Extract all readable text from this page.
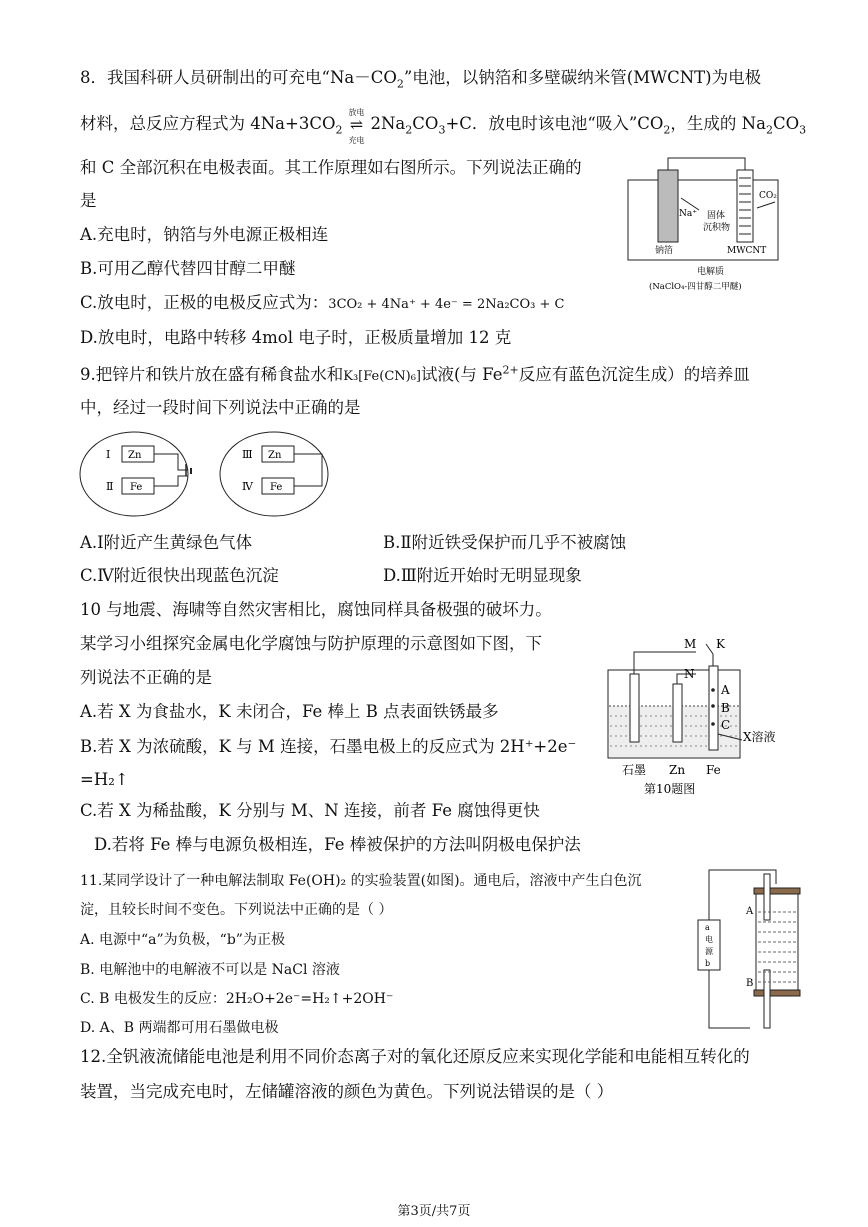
8．我国科研人员研制出的可充电“$Na-CO_2$”电池，以钠箔和多壁碳纳米管(MWCNT)为电极
材料，总反应方程式为 $4Na+3CO_2$
放电
⇌
充电
$2Na_2CO_3+C$．放电时该电池“吸入$”CO_2$，生成的 $Na_2CO_3$
和 C 全部沉积在电极表面。其工作原理如右图所示。下列说法正确的
是
A.充电时，钠箔与外电源正极相连
B.可用乙醇代替四甘醇二甲醚
C.放电时，正极的电极反应式为：3CO₂ + 4Na⁺ + 4e⁻ = 2Na₂CO₃ + C
D.放电时，电路中转移 4mol 电子时，正极质量增加 12 克
Na⁺
CO₂
固体
沉积物
钠箔	MWCNT
电解质
(NaClO₄-四甘醇二甲醚)
9.把锌片和铁片放在盛有稀食盐水和K₃[Fe(CN)₆]试液(与 $Fe^{2+}$反应有蓝色沉淀生成）的培养皿
中，经过一段时间下列说法中正确的是
Zn
Fe
Zn
Fe
Ⅰ
Ⅱ
Ⅲ
Ⅳ
A.Ⅰ附近产生黄绿色气体	B.Ⅱ附近铁受保护而几乎不被腐蚀
C.Ⅳ附近很快出现蓝色沉淀	D.Ⅲ附近开始时无明显现象
10 与地震、海啸等自然灾害相比，腐蚀同样具备极强的破坏力。
某学习小组探究金属电化学腐蚀与防护原理的示意图如下图，下
列说法不正确的是
A.若 X 为食盐水，K 未闭合，Fe 棒上 B 点表面铁锈最多
B.若 X 为浓硫酸，K 与 M 连接，石墨电极上的反应式为 2H⁺+2e⁻
=H₂↑
C.若 X 为稀盐酸，K 分别与 M、N 连接，前者 Fe 腐蚀得更快
D.若将 Fe 棒与电源负极相连，Fe 棒被保护的方法叫阴极电保护法
M K
N
A
B
C
X溶液
石墨 Zn Fe
第10题图
11.某同学设计了一种电解法制取 Fe(OH)₂ 的实验装置(如图)。通电后，溶液中产生白色沉
淀，且较长时间不变色。下列说法中正确的是（ ）
A. 电源中“a”为负极，“b”为正极
B. 电解池中的电解液不可以是 NaCl 溶液
C. B 电极发生的反应：2H₂O+2e⁻=H₂↑+2OH⁻
D. A、B 两端都可用石墨做电极
a
电
源
b
A
B
12.全钒液流储能电池是利用不同价态离子对的氧化还原反应来实现化学能和电能相互转化的
装置，当完成充电时，左储罐溶液的颜色为黄色。下列说法错误的是（ ）
第3页/共7页
